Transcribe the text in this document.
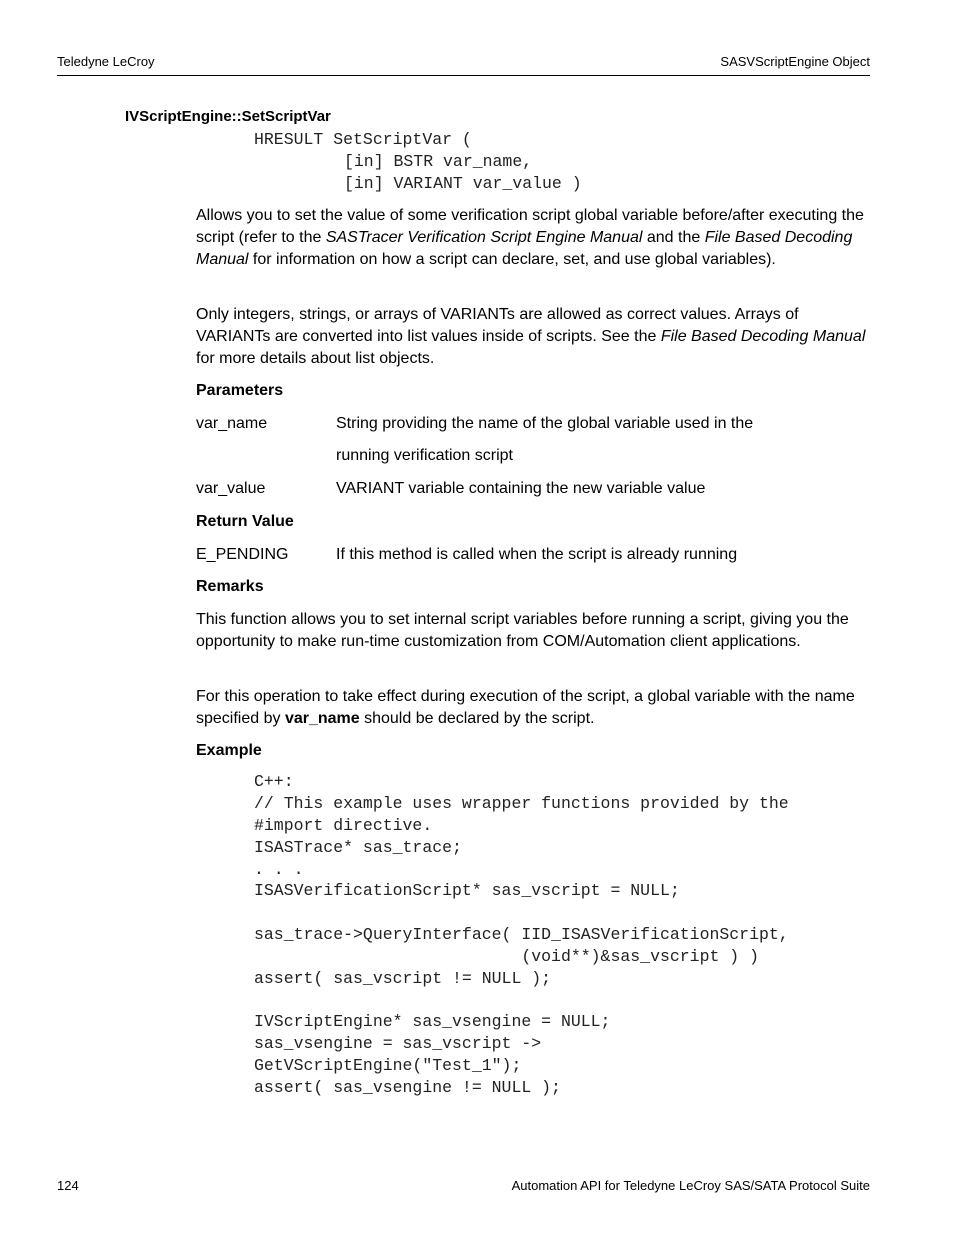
Teledyne LeCroy	SASVScriptEngine Object
IVScriptEngine::SetScriptVar
HRESULT SetScriptVar (
[in] BSTR var_name,
[in] VARIANT var_value )
Allows you to set the value of some verification script global variable before/after executing the script (refer to the SASTracer Verification Script Engine Manual and the File Based Decoding Manual for information on how a script can declare, set, and use global variables).
Only integers, strings, or arrays of VARIANTs are allowed as correct values. Arrays of VARIANTs are converted into list values inside of scripts. See the File Based Decoding Manual for more details about list objects.
Parameters
var_name	String providing the name of the global variable used in the
running verification script
var_value	VARIANT variable containing the new variable value
Return Value
E_PENDING	If this method is called when the script is already running
Remarks
This function allows you to set internal script variables before running a script, giving you the opportunity to make run-time customization from COM/Automation client applications.
For this operation to take effect during execution of the script, a global variable with the name specified by var_name should be declared by the script.
Example
C++:
// This example uses wrapper functions provided by the
#import directive.
ISASTrace* sas_trace;
. . .
ISASVerificationScript* sas_vscript = NULL;
sas_trace->QueryInterface( IID_ISASVerificationScript,
(void**)&sas_vscript ) )
assert( sas_vscript != NULL );
IVScriptEngine* sas_vsengine = NULL;
sas_vsengine = sas_vscript ->
GetVScriptEngine("Test_1");
assert( sas_vsengine != NULL );
124	Automation API for Teledyne LeCroy SAS/SATA Protocol Suite
